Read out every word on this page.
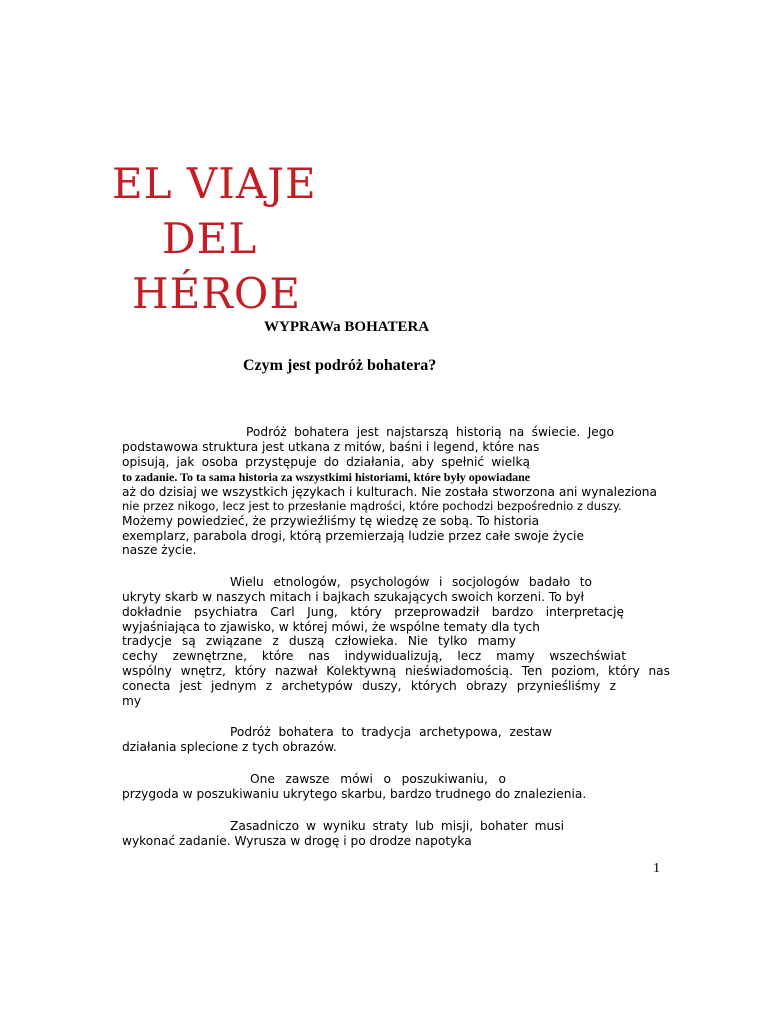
EL VIAJE
DEL
HÉROE
WYPRAWa BOHATERA
Czym jest podróż bohatera?
Podróż bohatera jest najstarszą historią na świecie. Jego
podstawowa struktura jest utkana z mitów, baśni i legend, które nas
opisują, jak osoba przystępuje do działania, aby spełnić wielką
to zadanie. To ta sama historia za wszystkimi historiami, które były opowiadane
aż do dzisiaj we wszystkich językach i kulturach. Nie została stworzona ani wynaleziona
nie przez nikogo, lecz jest to przesłanie mądrości, które pochodzi bezpośrednio z duszy.
Możemy powiedzieć, że przywieźliśmy tę wiedzę ze sobą. To historia
exemplarz, parabola drogi, którą przemierzają ludzie przez całe swoje życie
nasze życie.
Wielu etnologów, psychologów i socjologów badało to
ukryty skarb w naszych mitach i bajkach szukających swoich korzeni. To był
dokładnie psychiatra Carl Jung, który przeprowadził bardzo interpretację
wyjaśniająca to zjawisko, w której mówi, że wspólne tematy dla tych
tradycje są związane z duszą człowieka. Nie tylko mamy
cechy zewnętrzne, które nas indywidualizują, lecz mamy wszechświat
wspólny wnętrz, który nazwał Kolektywną nieświadomością. Ten poziom, który nas
conecta jest jednym z archetypów duszy, których obrazy przynieśliśmy z
my
Podróż bohatera to tradycja archetypowa, zestaw
działania splecione z tych obrazów.
One zawsze mówi o poszukiwaniu, o
przygoda w poszukiwaniu ukrytego skarbu, bardzo trudnego do znalezienia.
Zasadniczo w wyniku straty lub misji, bohater musi
wykonać zadanie. Wyrusza w drogę i po drodze napotyka
1
